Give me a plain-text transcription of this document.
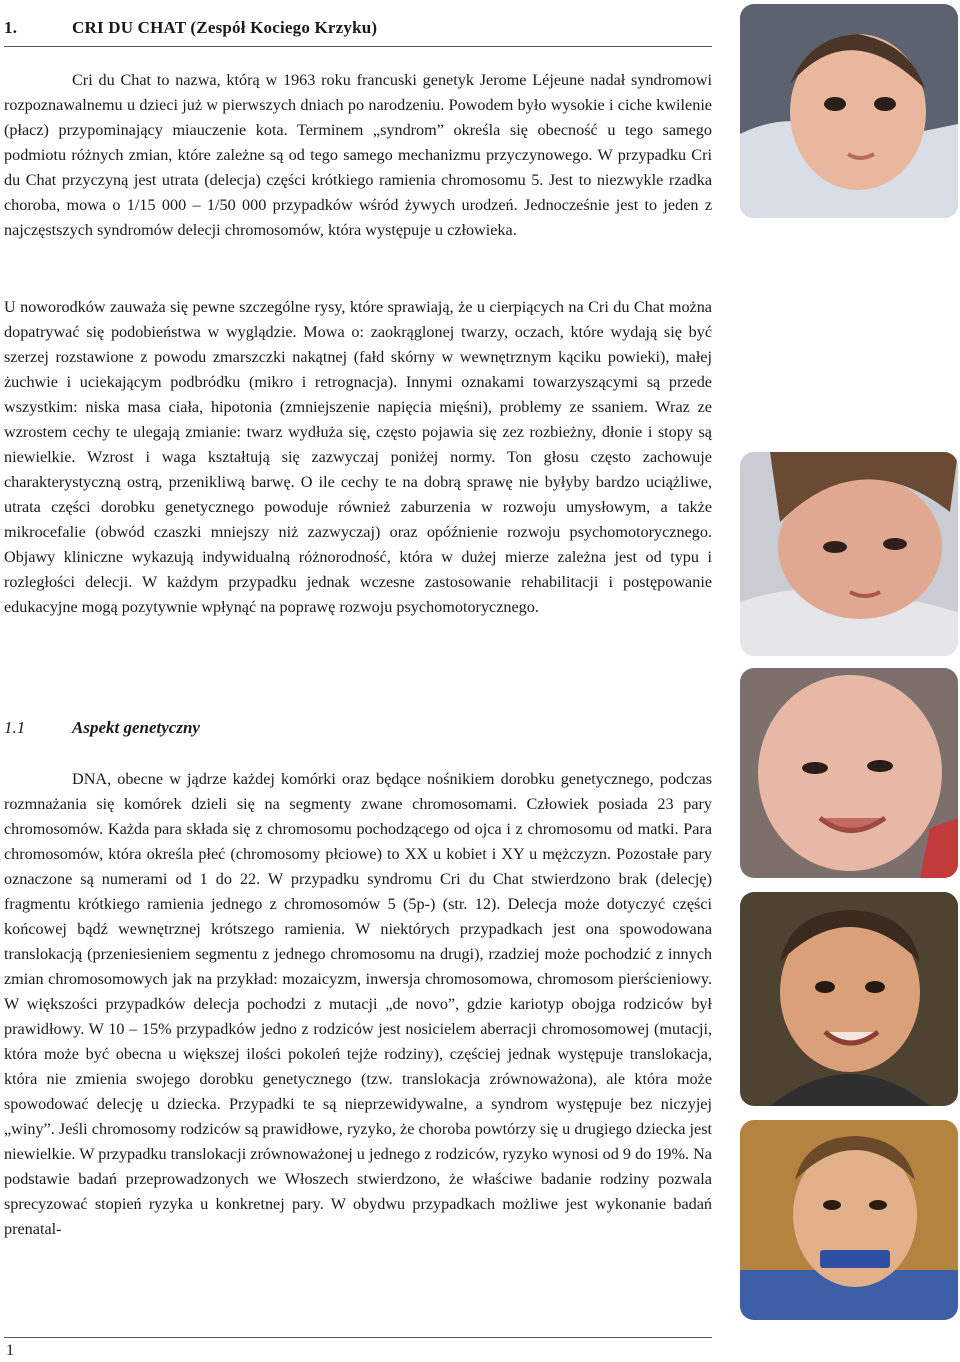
1.	CRI DU CHAT (Zespół Kociego Krzyku)

Cri du Chat to nazwa, którą w 1963 roku francuski genetyk Jerome Léjeune nadał syndromowi rozpoznawalnemu u dzieci już w pierwszych dniach po narodzeniu. Powodem było wysokie i ciche kwilenie (płacz) przypominający miauczenie kota. Terminem „syndrom” określa się obecność u tego samego podmiotu różnych zmian, które zależne są od tego samego mechanizmu przyczynowego. W przypadku Cri du Chat przyczyną jest utrata (delecja) części krótkiego ramienia chromosomu 5. Jest to niezwykle rzadka choroba, mowa o 1/15 000 – 1/50 000 przypadków wśród żywych urodzeń. Jednocześnie jest to jeden z najczęstszych syndromów delecji chromosomów, która występuje u człowieka.

U noworodków zauważa się pewne szczególne rysy, które sprawiają, że u cierpiących na Cri du Chat można dopatrywać się podobieństwa w wyglądzie. Mowa o: zaokrąglonej twarzy, oczach, które wydają się być szerzej rozstawione z powodu zmarszczki nakątnej (fałd skórny w wewnętrznym kąciku powieki), małej żuchwie i uciekającym podbródku (mikro i retrognacja). Innymi oznakami towarzyszącymi są przede wszystkim: niska masa ciała, hipotonia (zmniejszenie napięcia mięśni), problemy ze ssaniem. Wraz ze wzrostem cechy te ulegają zmianie: twarz wydłuża się, często pojawia się zez rozbieżny, dłonie i stopy są niewielkie. Wzrost i waga kształtują się zazwyczaj poniżej normy. Ton głosu często zachowuje charakterystyczną ostrą, przenikliwą barwę. O ile cechy te na dobrą sprawę nie byłyby bardzo uciążliwe, utrata części dorobku genetycznego powoduje również zaburzenia w rozwoju umysłowym, a także mikrocefalie (obwód czaszki mniejszy niż zazwyczaj) oraz opóźnienie rozwoju psychomotorycznego. Objawy kliniczne wykazują indywidualną różnorodność, która w dużej mierze zależna jest od typu i rozległości delecji. W każdym przypadku jednak wczesne zastosowanie rehabilitacji i postępowanie edukacyjne mogą pozytywnie wpłynąć na poprawę rozwoju psychomotorycznego.

1.1	Aspekt genetyczny

DNA, obecne w jądrze każdej komórki oraz będące nośnikiem dorobku genetycznego, podczas rozmnażania się komórek dzieli się na segmenty zwane chromosomami. Człowiek posiada 23 pary chromosomów. Każda para składa się z chromosomu pochodzącego od ojca i z chromosomu od matki. Para chromosomów, która określa płeć (chromosomy płciowe) to XX u kobiet i XY u mężczyzn. Pozostałe pary oznaczone są numerami od 1 do 22. W przypadku syndromu Cri du Chat stwierdzono brak (delecję) fragmentu krótkiego ramienia jednego z chromosomów 5 (5p-) (str. 12). Delecja może dotyczyć części końcowej bądź wewnętrznej krótszego ramienia. W niektórych przypadkach jest ona spowodowana translokacją (przeniesieniem segmentu z jednego chromosomu na drugi), rzadziej może pochodzić z innych zmian chromosomowych jak na przykład: mozaicyzm, inwersja chromosomowa, chromosom pierścieniowy. W większości przypadków delecja pochodzi z mutacji „de novo”, gdzie kariotyp obojga rodziców był prawidłowy. W 10 – 15% przypadków jedno z rodziców jest nosicielem aberracji chromosomowej (mutacji, która może być obecna u większej ilości pokoleń tejże rodziny), częściej jednak występuje translokacja, która nie zmienia swojego dorobku genetycznego (tzw. translokacja zrównoważona), ale która może spowodować delecję u dziecka. Przypadki te są nieprzewidywalne, a syndrom występuje bez niczyjej „winy”. Jeśli chromosomy rodziców są prawidłowe, ryzyko, że choroba powtórzy się u drugiego dziecka jest niewielkie. W przypadku translokacji zrównoważonej u jednego z rodziców, ryzyko wynosi od 9 do 19%. Na podstawie badań przeprowadzonych we Włoszech stwierdzono, że właściwe badanie rodziny pozwala sprecyzować stopień ryzyka u konkretnej pary. W obydwu przypadkach możliwe jest wykonanie badań prenatal-

1
